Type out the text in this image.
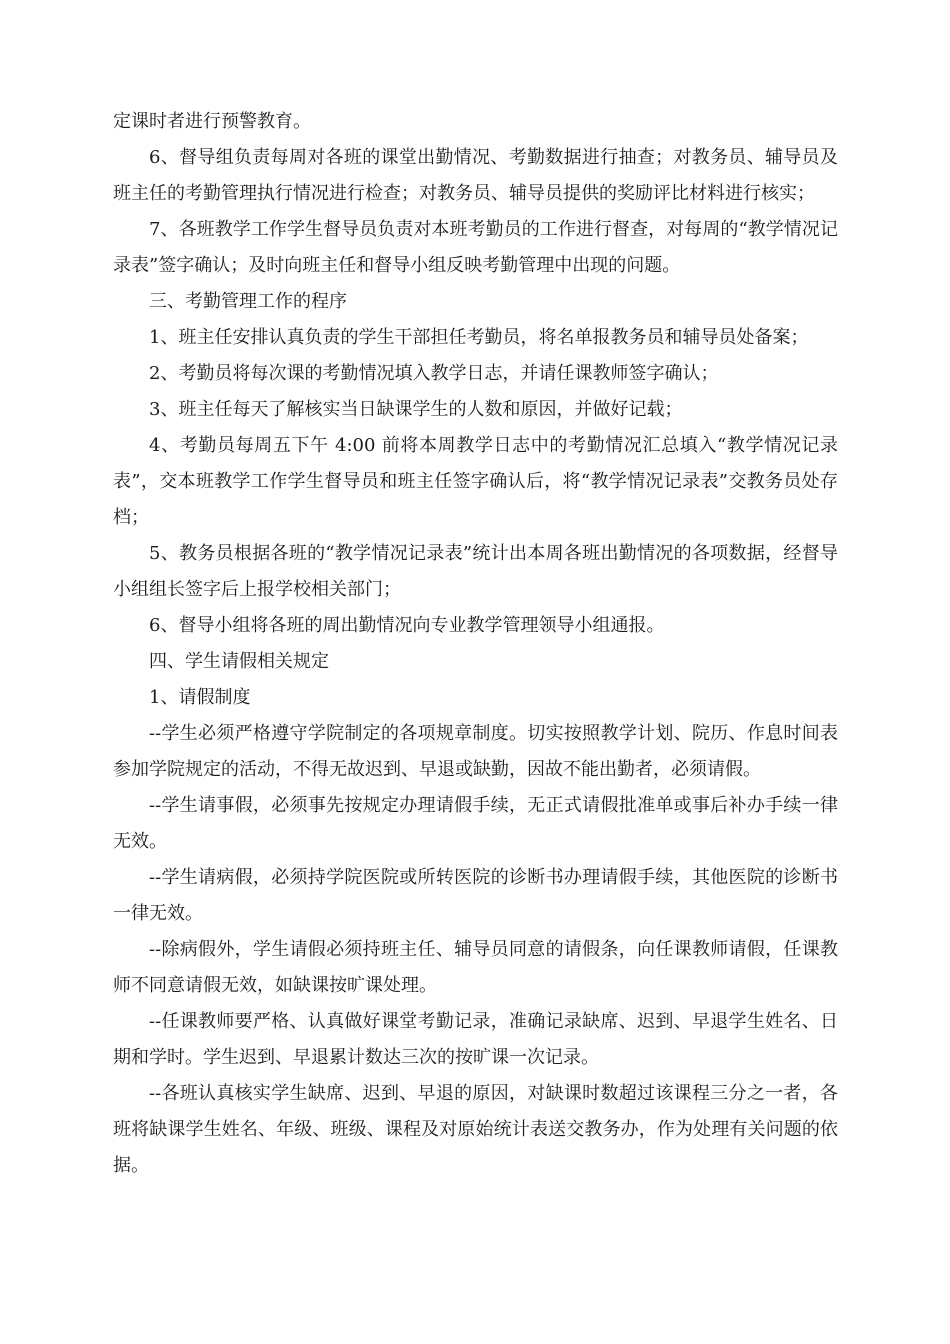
定课时者进行预警教育。

6、督导组负责每周对各班的课堂出勤情况、考勤数据进行抽查；对教务员、辅导员及班主任的考勤管理执行情况进行检查；对教务员、辅导员提供的奖励评比材料进行核实；

7、各班教学工作学生督导员负责对本班考勤员的工作进行督查，对每周的“教学情况记录表”签字确认；及时向班主任和督导小组反映考勤管理中出现的问题。

三、考勤管理工作的程序

1、班主任安排认真负责的学生干部担任考勤员，将名单报教务员和辅导员处备案；

2、考勤员将每次课的考勤情况填入教学日志，并请任课教师签字确认；

3、班主任每天了解核实当日缺课学生的人数和原因，并做好记载；

4、考勤员每周五下午 4:00 前将本周教学日志中的考勤情况汇总填入“教学情况记录表”，交本班教学工作学生督导员和班主任签字确认后，将“教学情况记录表”交教务员处存档；

5、教务员根据各班的“教学情况记录表”统计出本周各班出勤情况的各项数据，经督导小组组长签字后上报学校相关部门；

6、督导小组将各班的周出勤情况向专业教学管理领导小组通报。

四、学生请假相关规定

1、请假制度

--学生必须严格遵守学院制定的各项规章制度。切实按照教学计划、院历、作息时间表参加学院规定的活动，不得无故迟到、早退或缺勤，因故不能出勤者，必须请假。

--学生请事假，必须事先按规定办理请假手续，无正式请假批准单或事后补办手续一律无效。

--学生请病假，必须持学院医院或所转医院的诊断书办理请假手续，其他医院的诊断书一律无效。

--除病假外，学生请假必须持班主任、辅导员同意的请假条，向任课教师请假，任课教师不同意请假无效，如缺课按旷课处理。

--任课教师要严格、认真做好课堂考勤记录，准确记录缺席、迟到、早退学生姓名、日期和学时。学生迟到、早退累计数达三次的按旷课一次记录。

--各班认真核实学生缺席、迟到、早退的原因，对缺课时数超过该课程三分之一者，各班将缺课学生姓名、年级、班级、课程及对原始统计表送交教务办，作为处理有关问题的依据。
